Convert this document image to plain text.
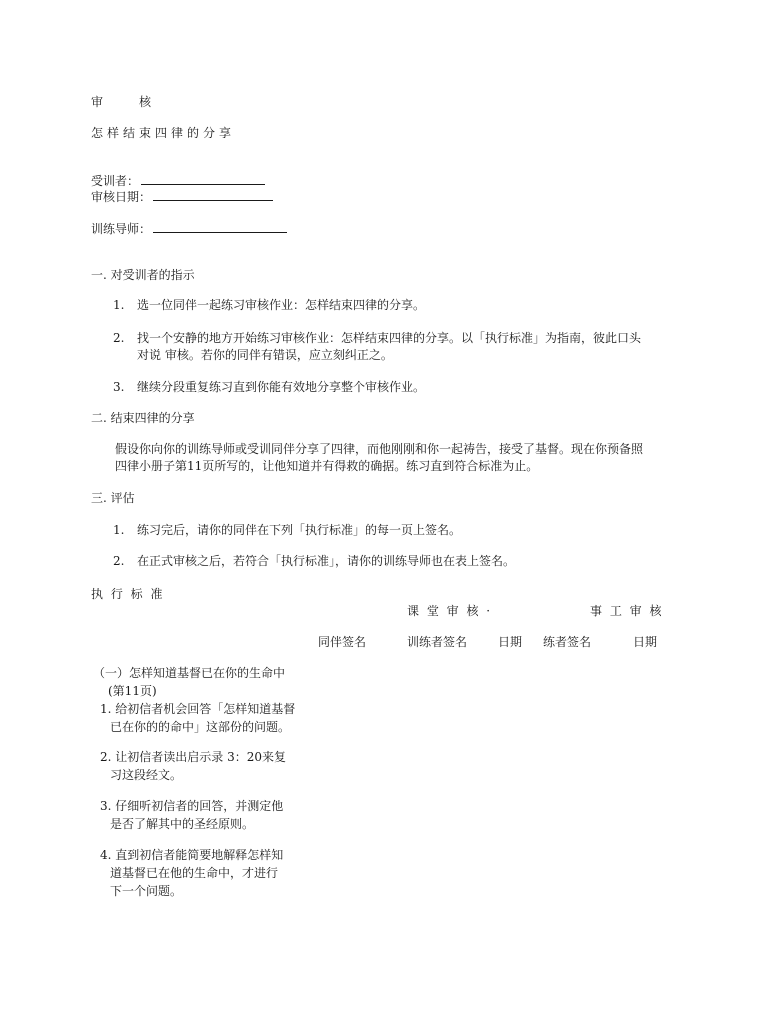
审　核
怎样结束四律的分享
受训者：
审核日期：
训练导师：
一. 对受训者的指示
1. 选一位同伴一起练习审核作业：怎样结束四律的分享。
2. 找一个安静的地方开始练习审核作业：怎样结束四律的分享。以「执行标准」为指南，彼此口头
对说 审核。若你的同伴有错误，应立刻纠正之。
3. 继续分段重复练习直到你能有效地分享整个审核作业。
二. 结束四律的分享
假设你向你的训练导师或受训同伴分享了四律，而他刚刚和你一起祷告，接受了基督。现在你预备照
四律小册子第11页所写的，让他知道并有得救的确据。练习直到符合标准为止。
三. 评估
1. 练习完后，请你的同伴在下列「执行标准」的每一页上签名。
2. 在正式审核之后，若符合「执行标准」，请你的训练导师也在表上签名。
执 行 标 准
课 堂 审 核 ·	事 工 审 核
同伴签名	训练者签名	日期 练者签名	日期
（一）怎样知道基督已在你的生命中
(第11页)
1. 给初信者机会回答「怎样知道基督
已在你的的命中」这部份的问题。
2. 让初信者读出启示录 3：20来复
习这段经文。
3. 仔细听初信者的回答，并测定他
是否了解其中的圣经原则。
4. 直到初信者能简要地解释怎样知
道基督已在他的生命中，才进行
下一个问题。
